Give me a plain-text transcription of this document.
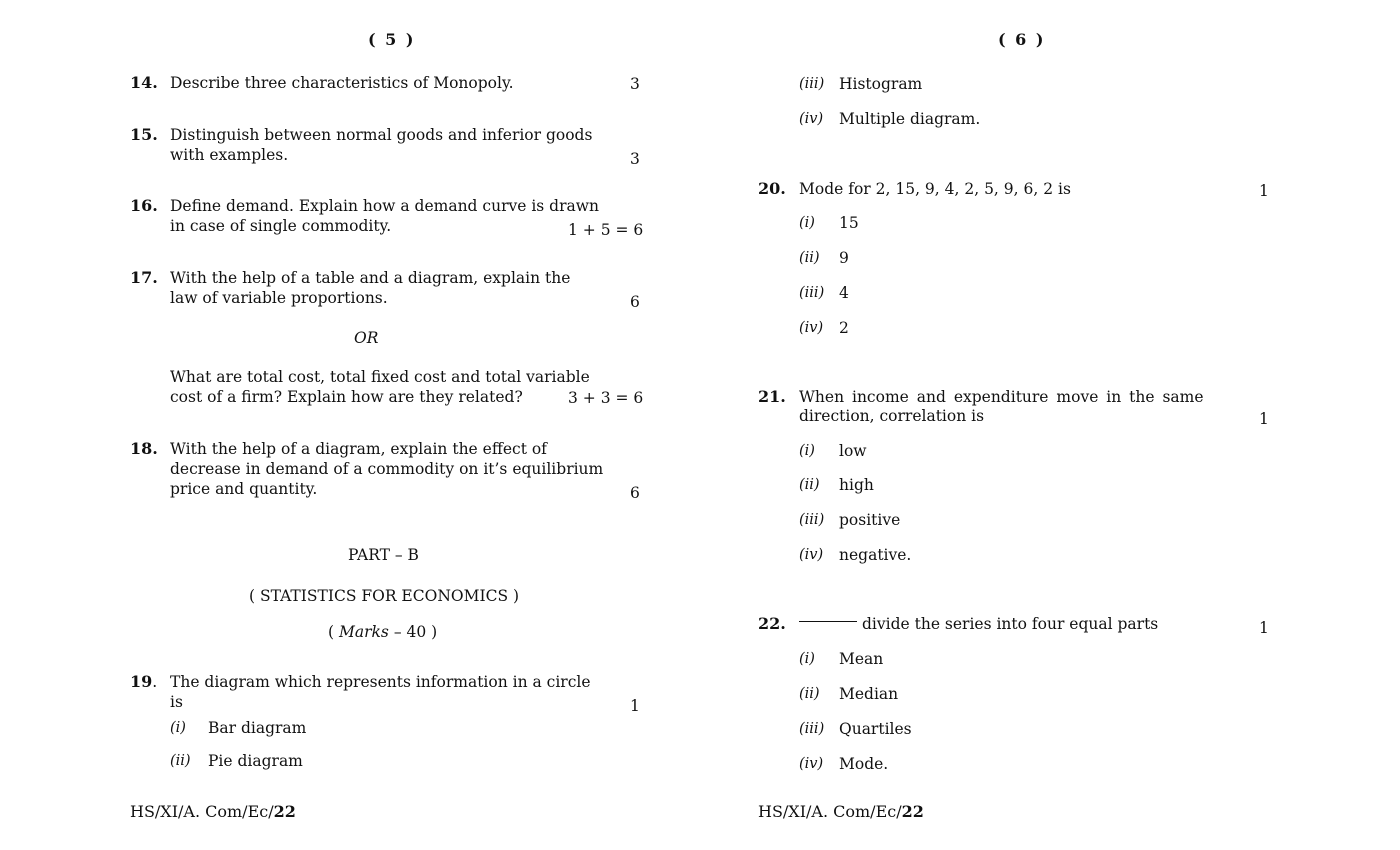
( 5 )
14. Describe three characteristics of Monopoly.	3
15. Distinguish between normal goods and inferior goods
with examples.	3
16. Define demand. Explain how a demand curve is drawn
in case of single commodity.	1 + 5 = 6
17. With the help of a table and a diagram, explain the
law of variable proportions.	6
OR
What are total cost, total fixed cost and total variable
cost of a firm? Explain how are they related?	3 + 3 = 6
18. With the help of a diagram, explain the effect of
decrease in demand of a commodity on it’s equilibrium
price and quantity.	6
PART – B
( STATISTICS FOR ECONOMICS )
( Marks – 40 )
19. The diagram which represents information in a circle
is	1
(i) Bar diagram
(ii) Pie diagram
HS/XI/A. Com/Ec/22
( 6 )
(iii) Histogram
(iv) Multiple diagram.
20. Mode for 2, 15, 9, 4, 2, 5, 9, 6, 2 is	1
(i) 15
(ii) 9
(iii) 4
(iv) 2
21. When income and expenditure move in the same
direction, correlation is	1
(i) low
(ii) high
(iii) positive
(iv) negative.
22.	divide the series into four equal parts	1
(i) Mean
(ii) Median
(iii) Quartiles
(iv) Mode.
HS/XI/A. Com/Ec/22
